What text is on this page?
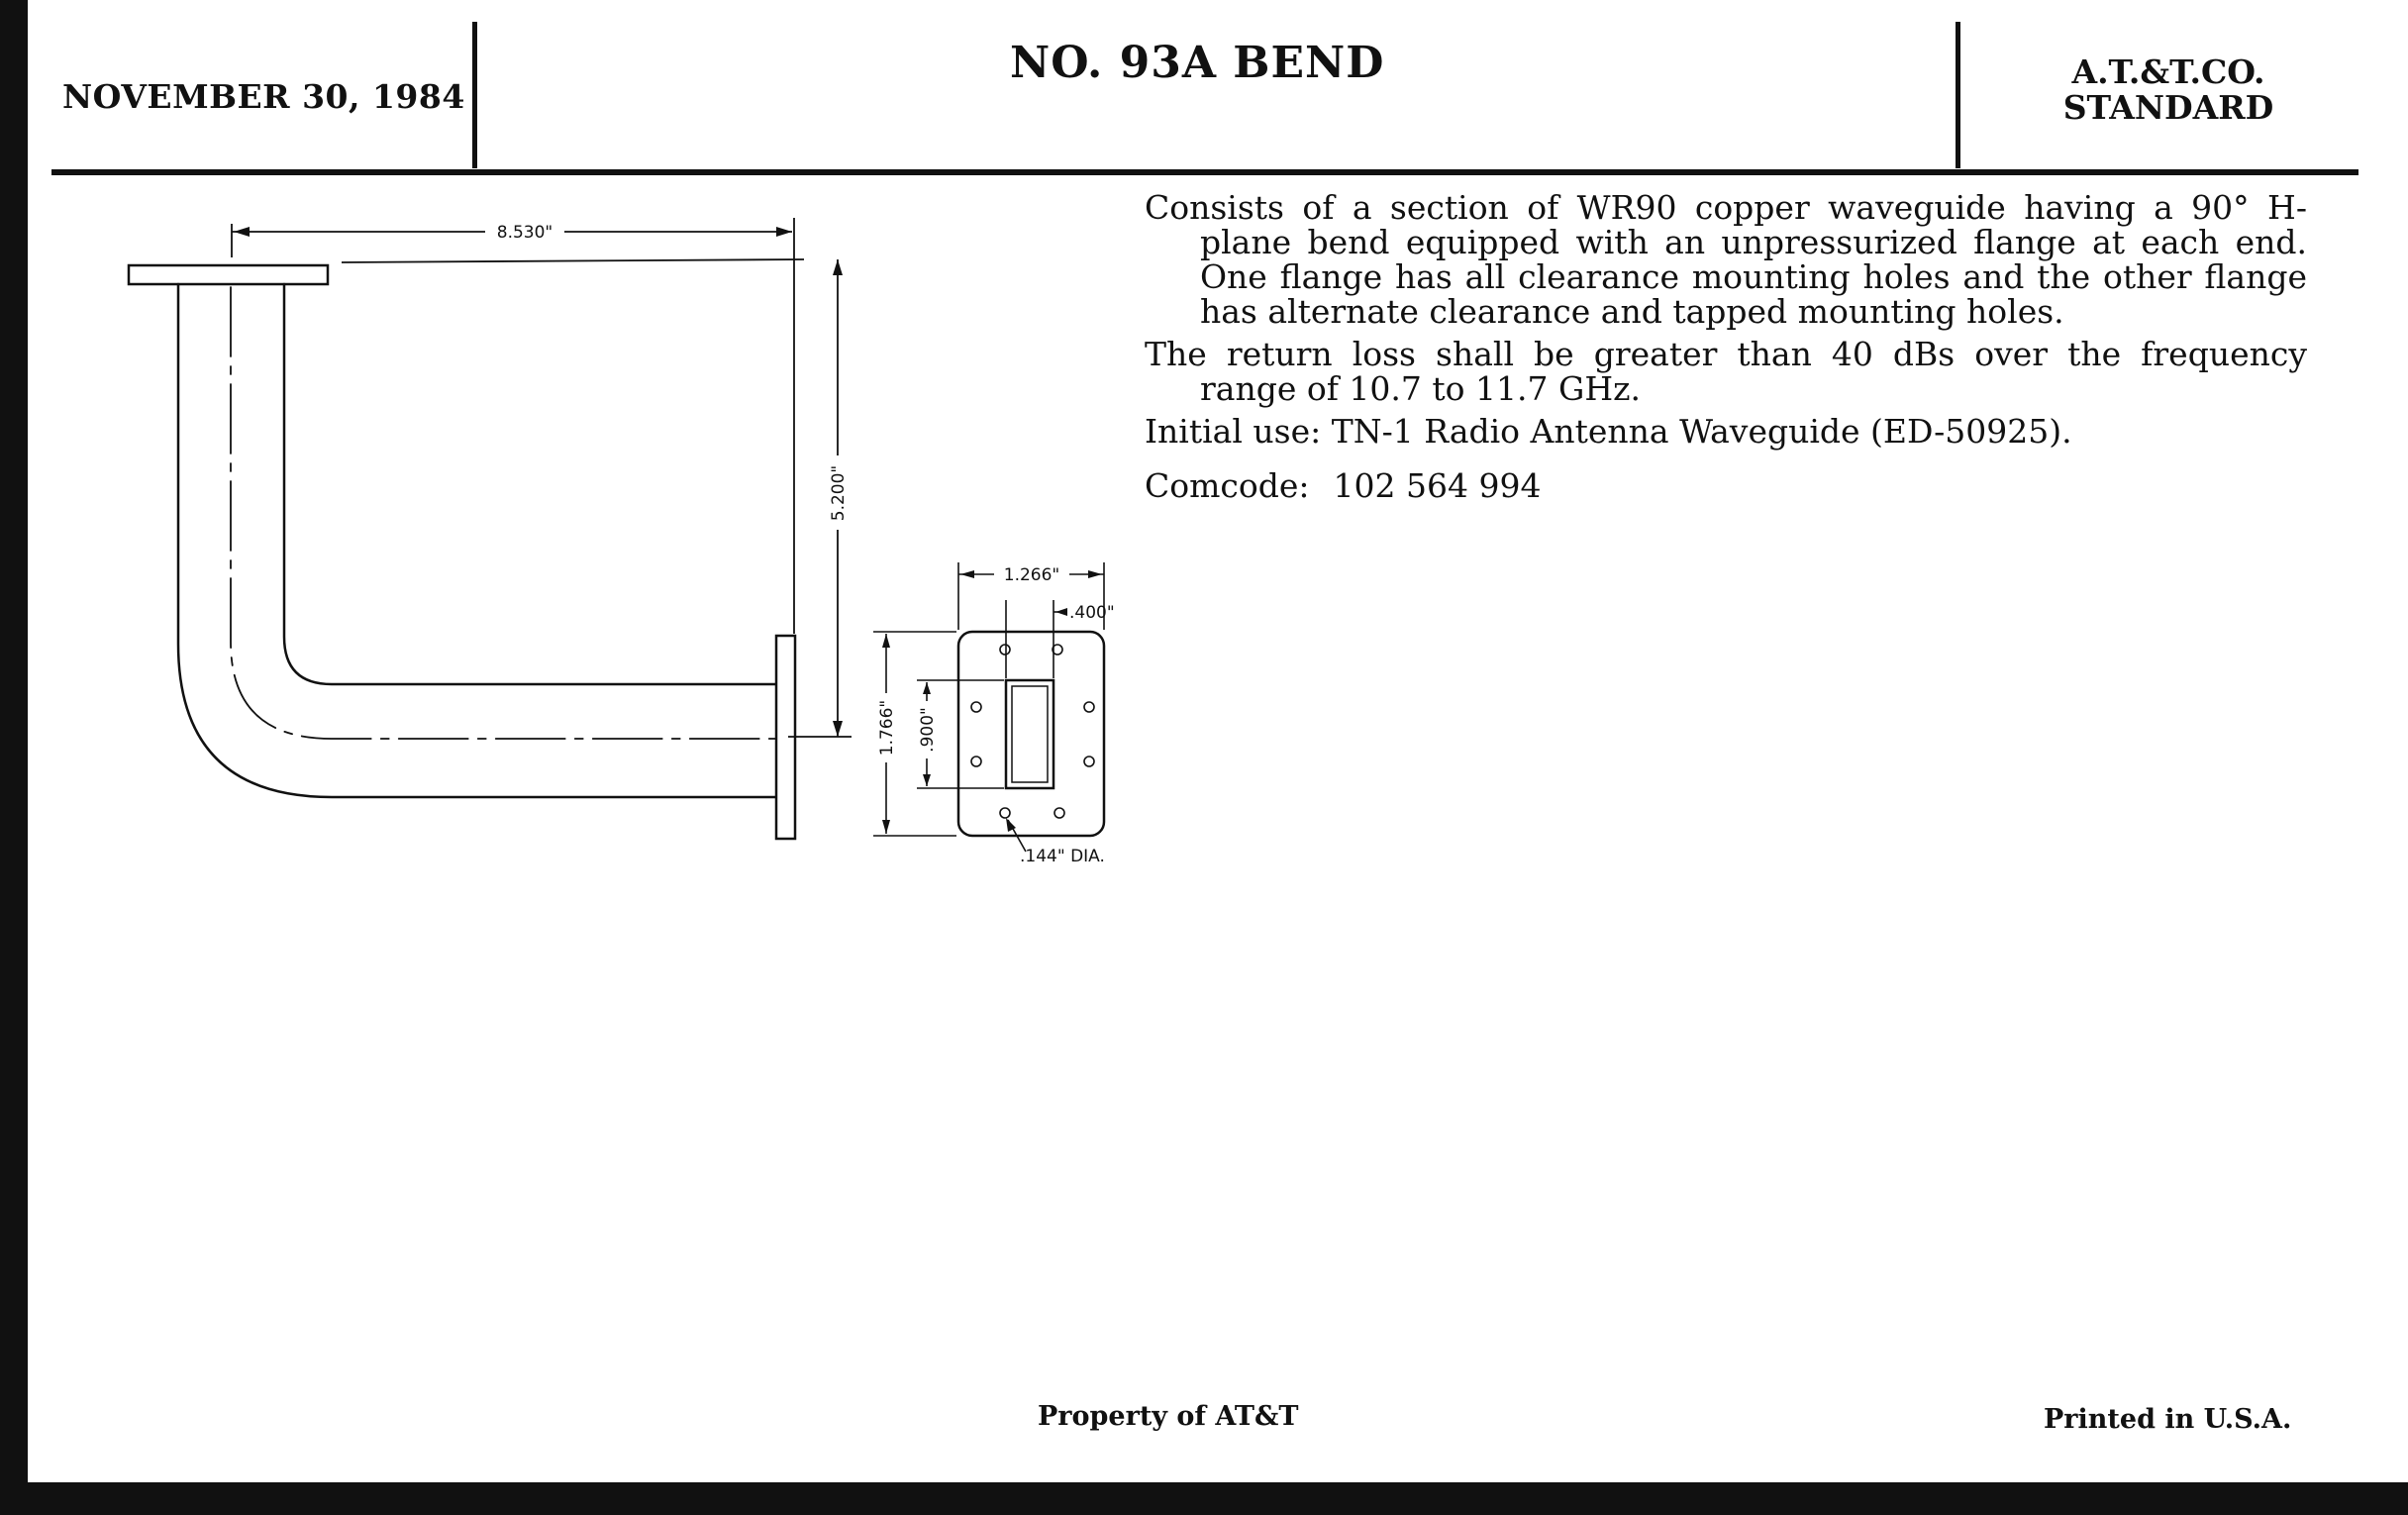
NOVEMBER 30, 1984
NO. 93A BEND	A.T.&T.CO.
STANDARD
8.530"
5.200"
1.266"
.400"
1.766" .900"
.144" DIA.

Consists of a section of WR90 copper waveguide having a 90° H-plane bend equipped with an unpressurized flange at each end. One flange has all clearance mounting holes and the other flange has alternate clearance and tapped mounting holes.

The return loss shall be greater than 40 dBs over the frequency range of 10.7 to 11.7 GHz.

Initial use: TN-1 Radio Antenna Waveguide (ED-50925).

Comcode: 102 564 994
Property of AT&T	Printed in U.S.A.
